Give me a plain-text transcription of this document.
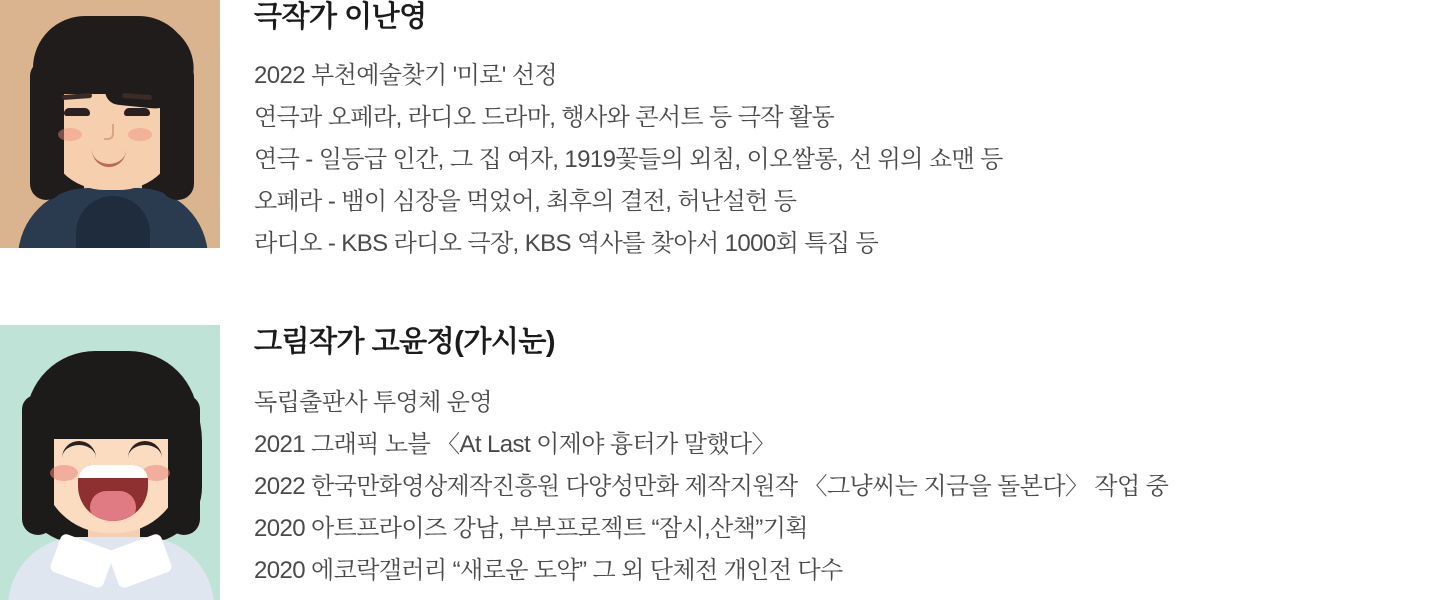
극작가 이난영
2022 부천예술찾기 '미로' 선정
연극과 오페라, 라디오 드라마, 행사와 콘서트 등 극작 활동
연극 - 일등급 인간, 그 집 여자, 1919꽃들의 외침, 이오쌀롱, 선 위의 쇼맨 등
오페라 - 뱀이 심장을 먹었어, 최후의 결전, 허난설헌 등
라디오 - KBS 라디오 극장, KBS 역사를 찾아서 1000회 특집 등
그림작가 고윤정(가시눈)
독립출판사 투영체 운영
2021 그래픽 노블 〈At Last 이제야 흉터가 말했다〉
2022 한국만화영상제작진흥원 다양성만화 제작지원작 〈그냥씨는 지금을 돌본다〉 작업 중
2020 아트프라이즈 강남, 부부프로젝트 “잠시,산책”기획
2020 에코락갤러리 “새로운 도약” 그 외 단체전 개인전 다수
